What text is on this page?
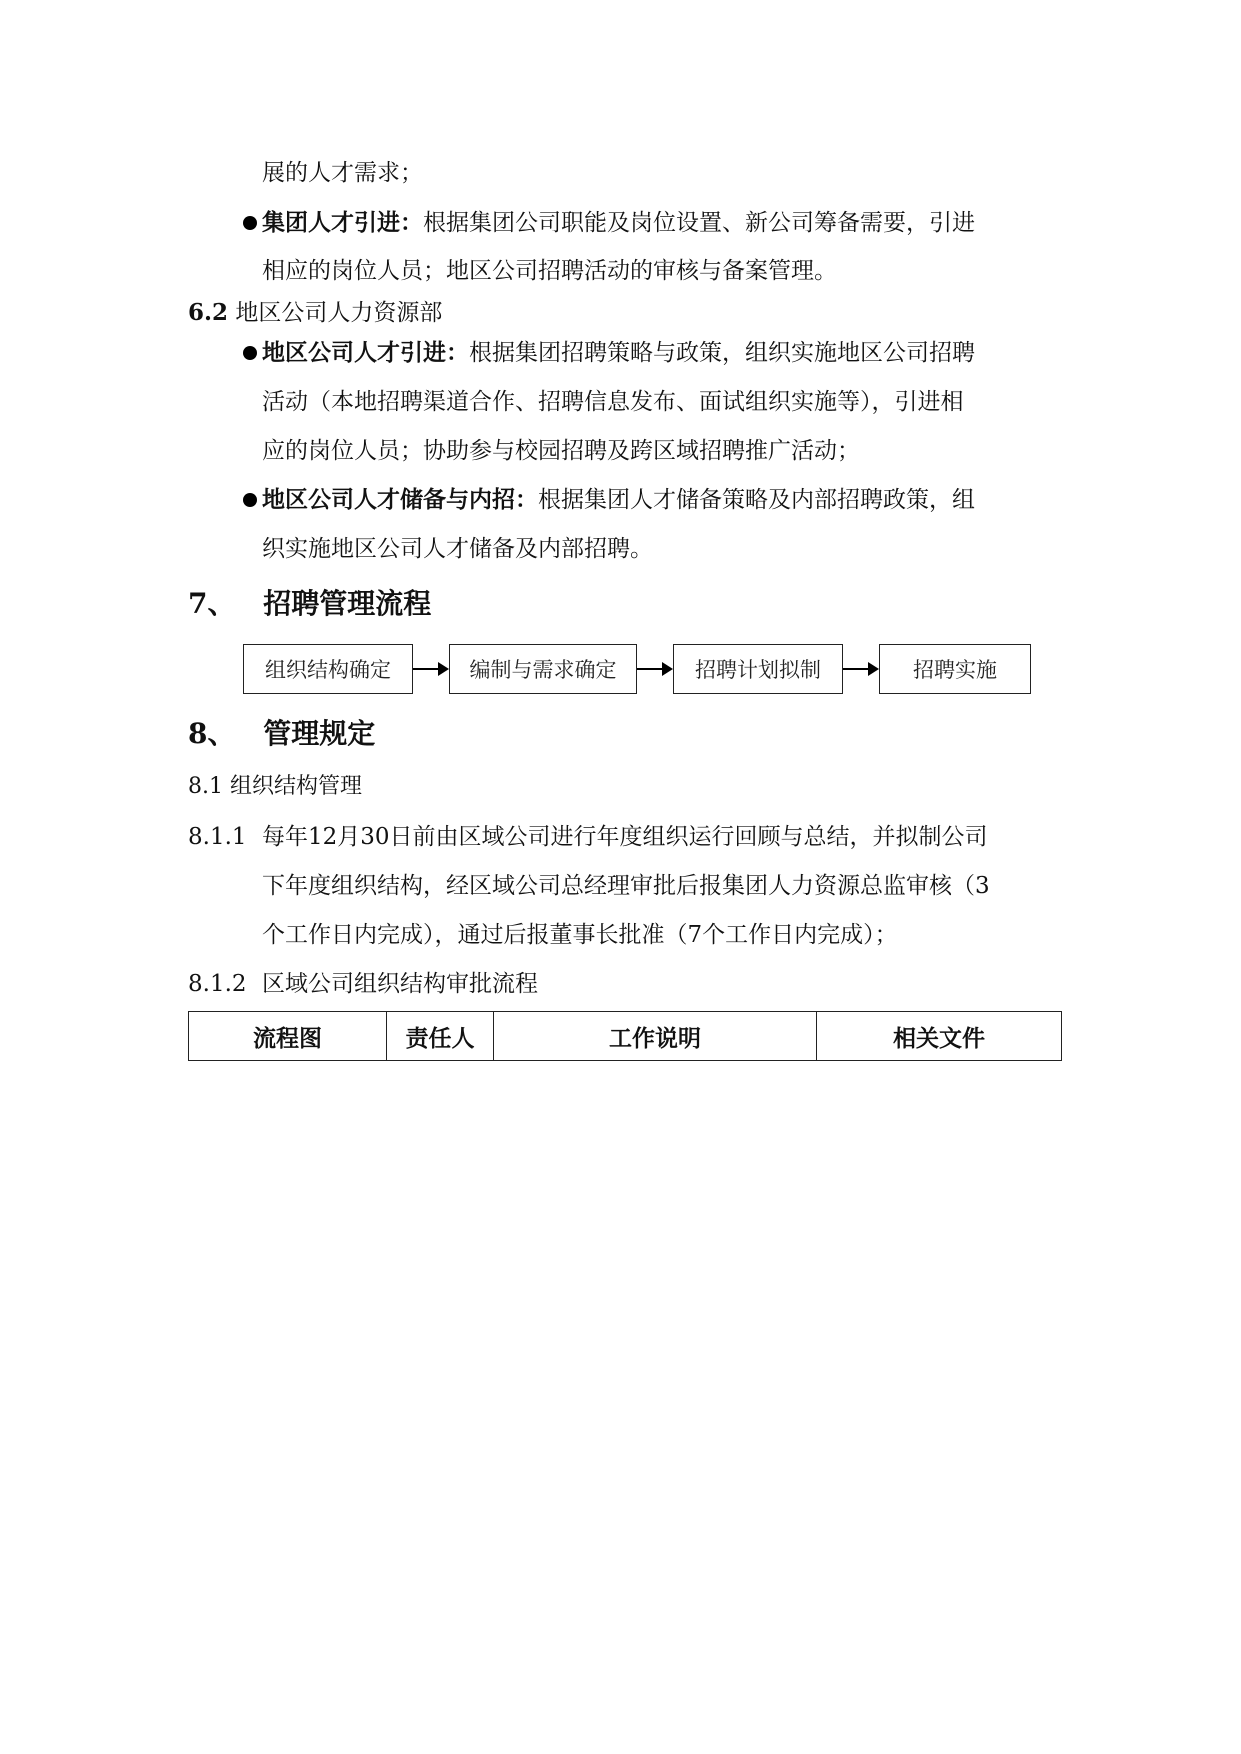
展的人才需求；
集团人才引进：根据集团公司职能及岗位设置、新公司筹备需要，引进
相应的岗位人员；地区公司招聘活动的审核与备案管理。
6.2 地区公司人力资源部
地区公司人才引进：根据集团招聘策略与政策，组织实施地区公司招聘
活动（本地招聘渠道合作、招聘信息发布、面试组织实施等），引进相
应的岗位人员；协助参与校园招聘及跨区域招聘推广活动；
地区公司人才储备与内招：根据集团人才储备策略及内部招聘政策，组
织实施地区公司人才储备及内部招聘。
7、 招聘管理流程
组织结构确定	编制与需求确定	招聘计划拟制	招聘实施
8、 管理规定
8.1 组织结构管理
8.1.1 每年12月30日前由区域公司进行年度组织运行回顾与总结，并拟制公司
下年度组织结构，经区域公司总经理审批后报集团人力资源总监审核（3
个工作日内完成），通过后报董事长批准（7个工作日内完成）；
8.1.2 区域公司组织结构审批流程
流程图	责任人	工作说明	相关文件
